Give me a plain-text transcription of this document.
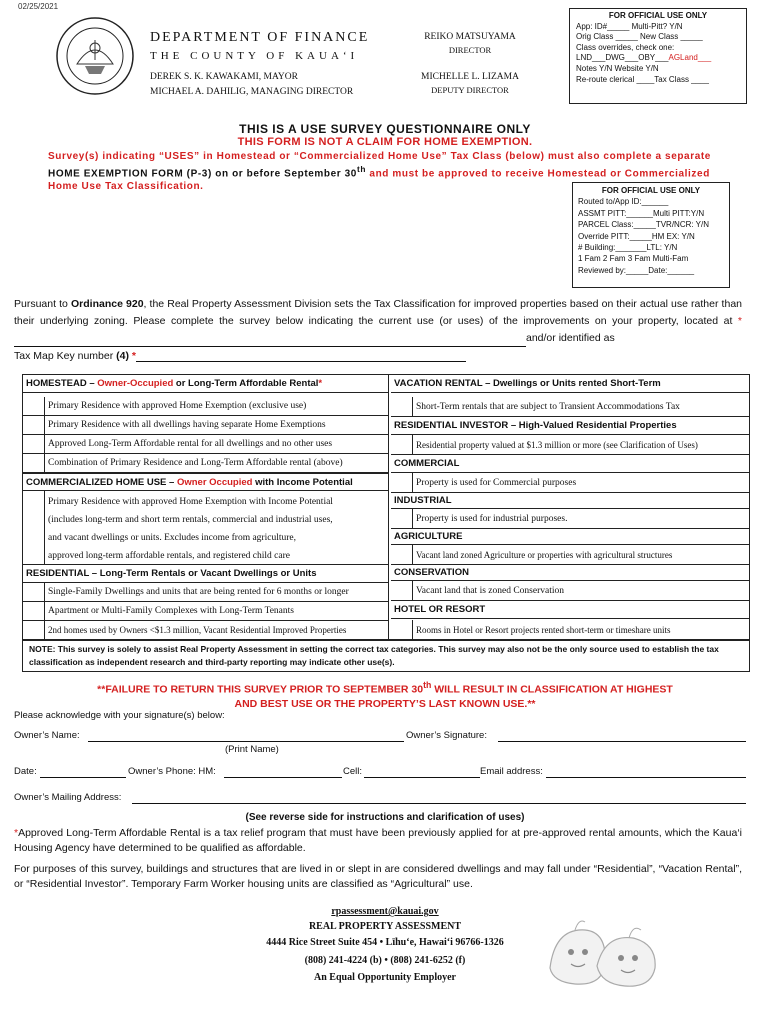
02/25/2021
DEPARTMENT OF FINANCE
THE COUNTY OF KAUA‘I
DEREK S. K. KAWAKAMI, MAYOR
MICHAEL A. DAHILIG, MANAGING DIRECTOR
REIKO MATSUYAMA
DIRECTOR
MICHELLE L. LIZAMA
DEPUTY DIRECTOR
FOR OFFICIAL USE ONLY
App: ID#_____ Multi-Pitt? Y/N
Orig Class _____ New Class _____
Class overrides, check one:
LND___DWG___OBY___AGLand___
Notes Y/N Website Y/N
Re-route clerical ____Tax Class ____
THIS IS A USE SURVEY QUESTIONNAIRE ONLY
THIS FORM IS NOT A CLAIM FOR HOME EXEMPTION.
Survey(s) indicating “USES” in Homestead or “Commercialized Home Use” Tax Class (below) must also complete a separate HOME EXEMPTION FORM (P-3) on or before September 30th and must be approved to receive Homestead or Commercialized Home Use Tax Classification.	FOR OFFICIAL USE ONLY
Routed to/App ID:______
ASSMT PITT:______Multi PITT:Y/N
PARCEL Class:_____TVR/NCR: Y/N
Override PITT:_____HM EX: Y/N
# Building:_______LTL: Y/N
1 Fam 2 Fam 3 Fam Multi-Fam
Reviewed by:_____Date:______
Pursuant to Ordinance 920, the Real Property Assessment Division sets the Tax Classification for improved properties based on their actual use rather than their underlying zoning. Please complete the survey below indicating the current use (or uses) of the improvements on your property, located at *and/or identified as
Tax Map Key number (4) *
HOMESTEAD – Owner-Occupied or Long-Term Affordable Rental*
Primary Residence with approved Home Exemption (exclusive use)
Primary Residence with all dwellings having separate Home Exemptions
Approved Long-Term Affordable rental for all dwellings and no other uses
Combination of Primary Residence and Long-Term Affordable rental (above)
COMMERCIALIZED HOME USE – Owner Occupied with Income Potential
Primary Residence with approved Home Exemption with Income Potential
(includes long-term and short term rentals, commercial and industrial uses,
and vacant dwellings or units. Excludes income from agriculture,
approved long-term affordable rentals, and registered child care
RESIDENTIAL – Long-Term Rentals or Vacant Dwellings or Units
Single-Family Dwellings and units that are being rented for 6 months or longer
Apartment or Multi-Family Complexes with Long-Term Tenants
2nd homes used by Owners <$1.3 million, Vacant Residential Improved Properties
VACATION RENTAL – Dwellings or Units rented Short-Term
Short-Term rentals that are subject to Transient Accommodations Tax
RESIDENTIAL INVESTOR – High-Valued Residential Properties
Residential property valued at $1.3 million or more (see Clarification of Uses)
COMMERCIAL
Property is used for Commercial purposes
INDUSTRIAL
Property is used for industrial purposes.
AGRICULTURE
Vacant land zoned Agriculture or properties with agricultural structures
CONSERVATION
Vacant land that is zoned Conservation
HOTEL OR RESORT
Rooms in Hotel or Resort projects rented short-term or timeshare units
NOTE: This survey is solely to assist Real Property Assessment in setting the correct tax categories. This survey may also not be the only source used to establish the tax classification as independent research and third-party reporting may indicate other use(s).
**FAILURE TO RETURN THIS SURVEY PRIOR TO SEPTEMBER 30th WILL RESULT IN CLASSIFICATION AT HIGHEST
AND BEST USE OR THE PROPERTY’S LAST KNOWN USE.**
Please acknowledge with your signature(s) below:
Owner’s Name:	Owner’s Signature:
(Print Name)
Date:	Owner’s Phone: HM:	Cell:	Email address:
Owner’s Mailing Address:
(See reverse side for instructions and clarification of uses)
*Approved Long-Term Affordable Rental is a tax relief program that must have been previously applied for at pre-approved rental amounts, which the Kaua‘i Housing Agency have determined to be qualified as affordable.
For purposes of this survey, buildings and structures that are lived in or slept in are considered dwellings and may fall under “Residential”, “Vacation Rental”, or “Residential Investor”. Temporary Farm Worker housing units are classified as “Agricultural” use.
rpassessment@kauai.gov
REAL PROPERTY ASSESSMENT
4444 Rice Street Suite 454 • Līhu‘e, Hawai‘i 96766-1326
(808) 241-4224 (b) • (808) 241-6252 (f)
An Equal Opportunity Employer
